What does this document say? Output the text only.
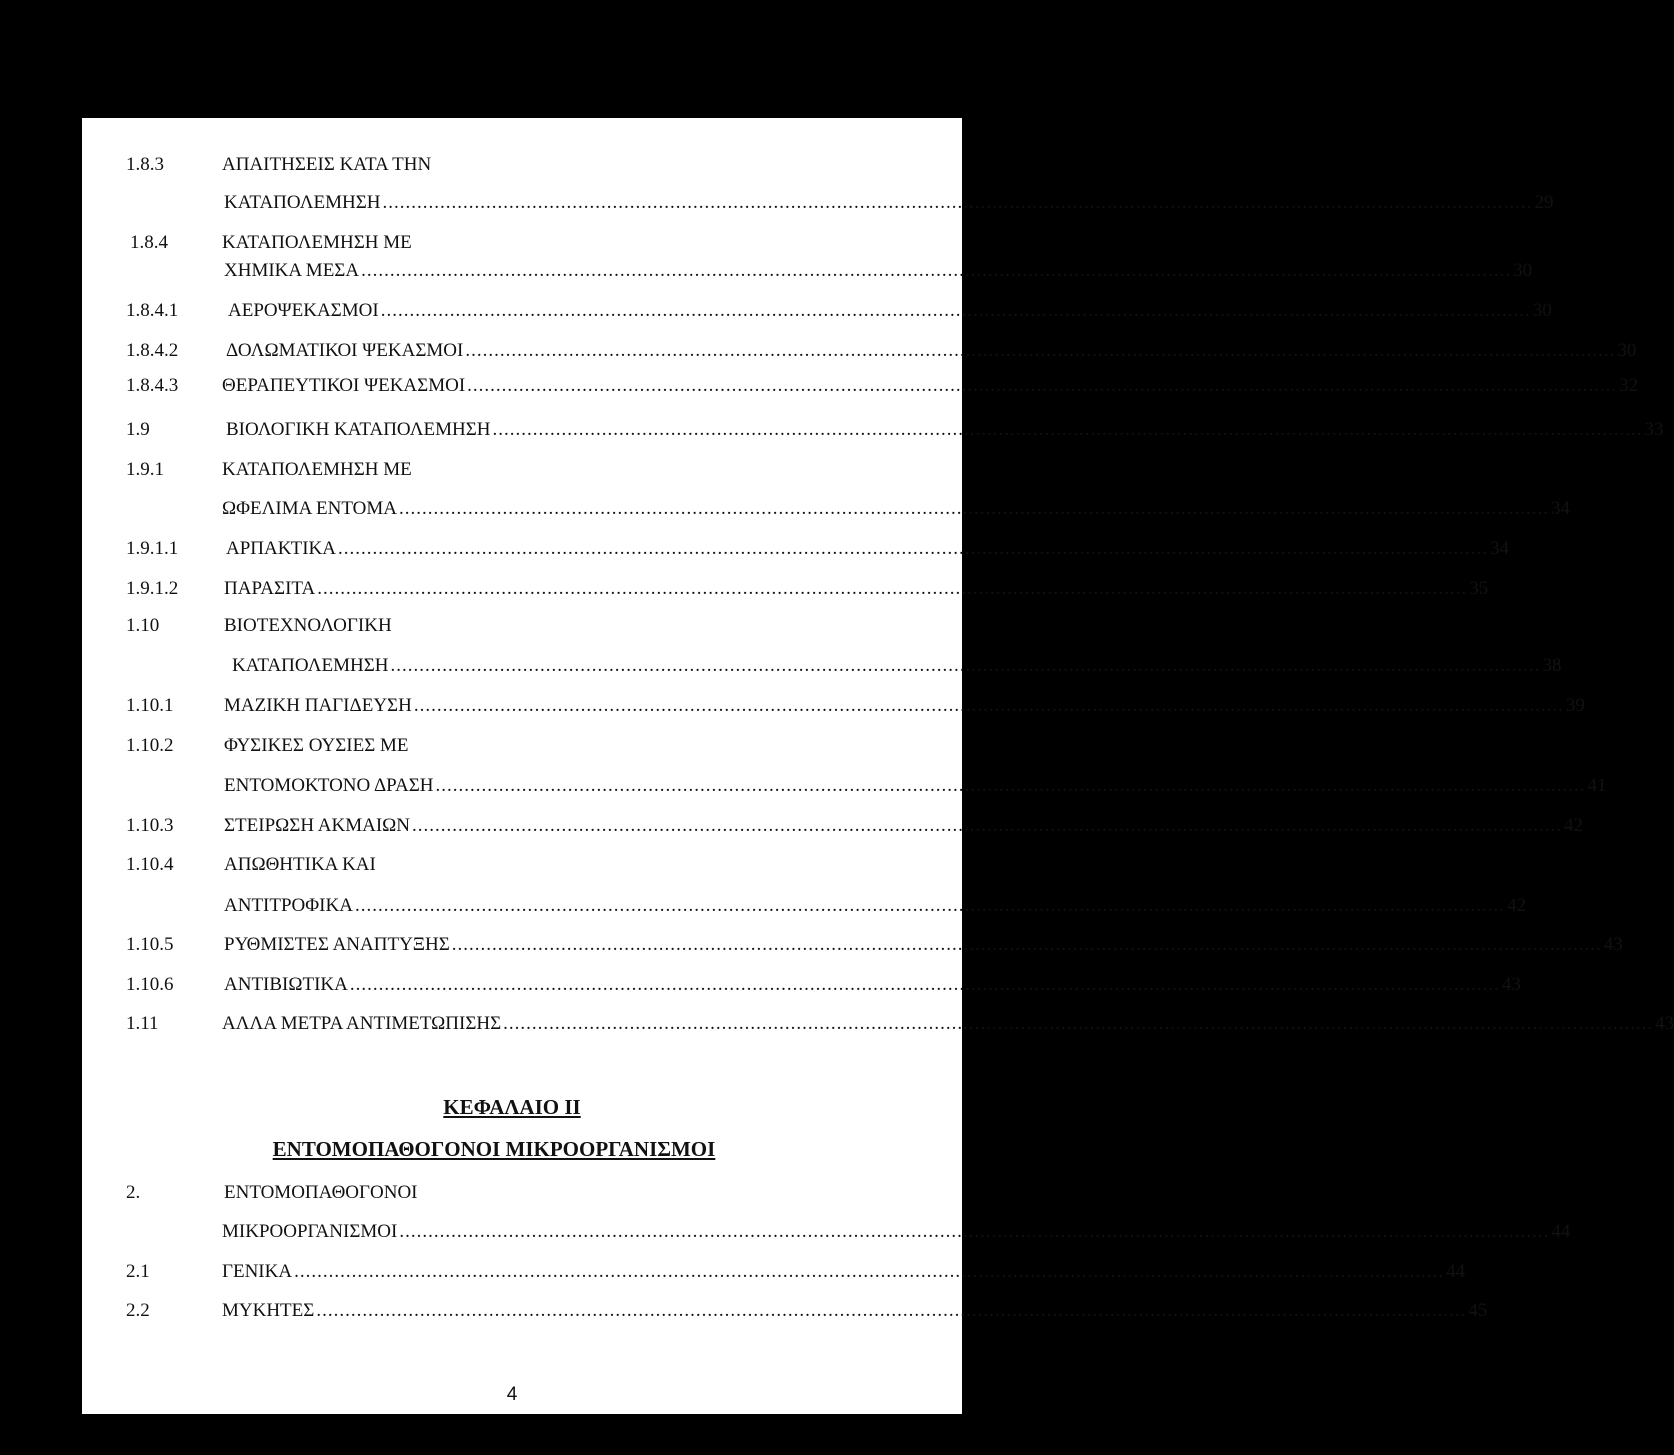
1.8.3	ΑΠΑΙΤΗΣΕΙΣ ΚΑΤΑ ΤΗΝ
ΚΑΤΑΠΟΛΕΜΗΣΗ ........................................................................................................................................................................................................ 29
1.8.4	ΚΑΤΑΠΟΛΕΜΗΣΗ ΜΕ
ΧΗΜΙΚΑ ΜΕΣΑ ........................................................................................................................................................................................................ 30
1.8.4.1	ΑΕΡΟΨΕΚΑΣΜΟΙ ........................................................................................................................................................................................................ 30
1.8.4.2	ΔΟΛΩΜΑΤΙΚΟΙ ΨΕΚΑΣΜΟΙ ........................................................................................................................................................................................................ 30
1.8.4.3 ΘΕΡΑΠΕΥΤΙΚΟΙ ΨΕΚΑΣΜΟΙ ........................................................................................................................................................................................................ 32
1.9	ΒΙΟΛΟΓΙΚΗ ΚΑΤΑΠΟΛΕΜΗΣΗ ........................................................................................................................................................................................................ 33
1.9.1	ΚΑΤΑΠΟΛΕΜΗΣΗ ΜΕ
ΩΦΕΛΙΜΑ ΕΝΤΟΜΑ ........................................................................................................................................................................................................ 34
1.9.1.1	ΑΡΠΑΚΤΙΚΑ ........................................................................................................................................................................................................ 34
1.9.1.2 ΠΑΡΑΣΙΤΑ ........................................................................................................................................................................................................ 35
1.10	ΒΙΟΤΕΧΝΟΛΟΓΙΚΗ
ΚΑΤΑΠΟΛΕΜΗΣΗ ........................................................................................................................................................................................................ 38
1.10.1	ΜΑΖΙΚΗ ΠΑΓΙΔΕΥΣΗ ........................................................................................................................................................................................................ 39
1.10.2	ΦΥΣΙΚΕΣ ΟΥΣΙΕΣ ΜΕ
ΕΝΤΟΜΟΚΤΟΝΟ ΔΡΑΣΗ ........................................................................................................................................................................................................ 41
1.10.3	ΣΤΕΙΡΩΣΗ ΑΚΜΑΙΩΝ ........................................................................................................................................................................................................ 42
1.10.4	ΑΠΩΘΗΤΙΚΑ ΚΑΙ
ΑΝΤΙΤΡΟΦΙΚΑ ........................................................................................................................................................................................................ 42
1.10.5	ΡΥΘΜΙΣΤΕΣ ΑΝΑΠΤΥΞΗΣ ........................................................................................................................................................................................................ 43
1.10.6	ΑΝΤΙΒΙΩΤΙΚΑ ........................................................................................................................................................................................................ 43
1.11	ΑΛΛΑ ΜΕΤΡΑ ΑΝΤΙΜΕΤΩΠΙΣΗΣ ........................................................................................................................................................................................................ 43
ΚΕΦΑΛΑΙΟ II
ΕΝΤΟΜΟΠΑΘΟΓΟΝΟΙ ΜΙΚΡΟΟΡΓΑΝΙΣΜΟΙ
2.	ΕΝΤΟΜΟΠΑΘΟΓΟΝΟΙ
ΜΙΚΡΟΟΡΓΑΝΙΣΜΟΙ ........................................................................................................................................................................................................ 44
2.1	ΓΕΝΙΚΑ ........................................................................................................................................................................................................ 44
2.2	ΜΥΚΗΤΕΣ ........................................................................................................................................................................................................ 45
4
